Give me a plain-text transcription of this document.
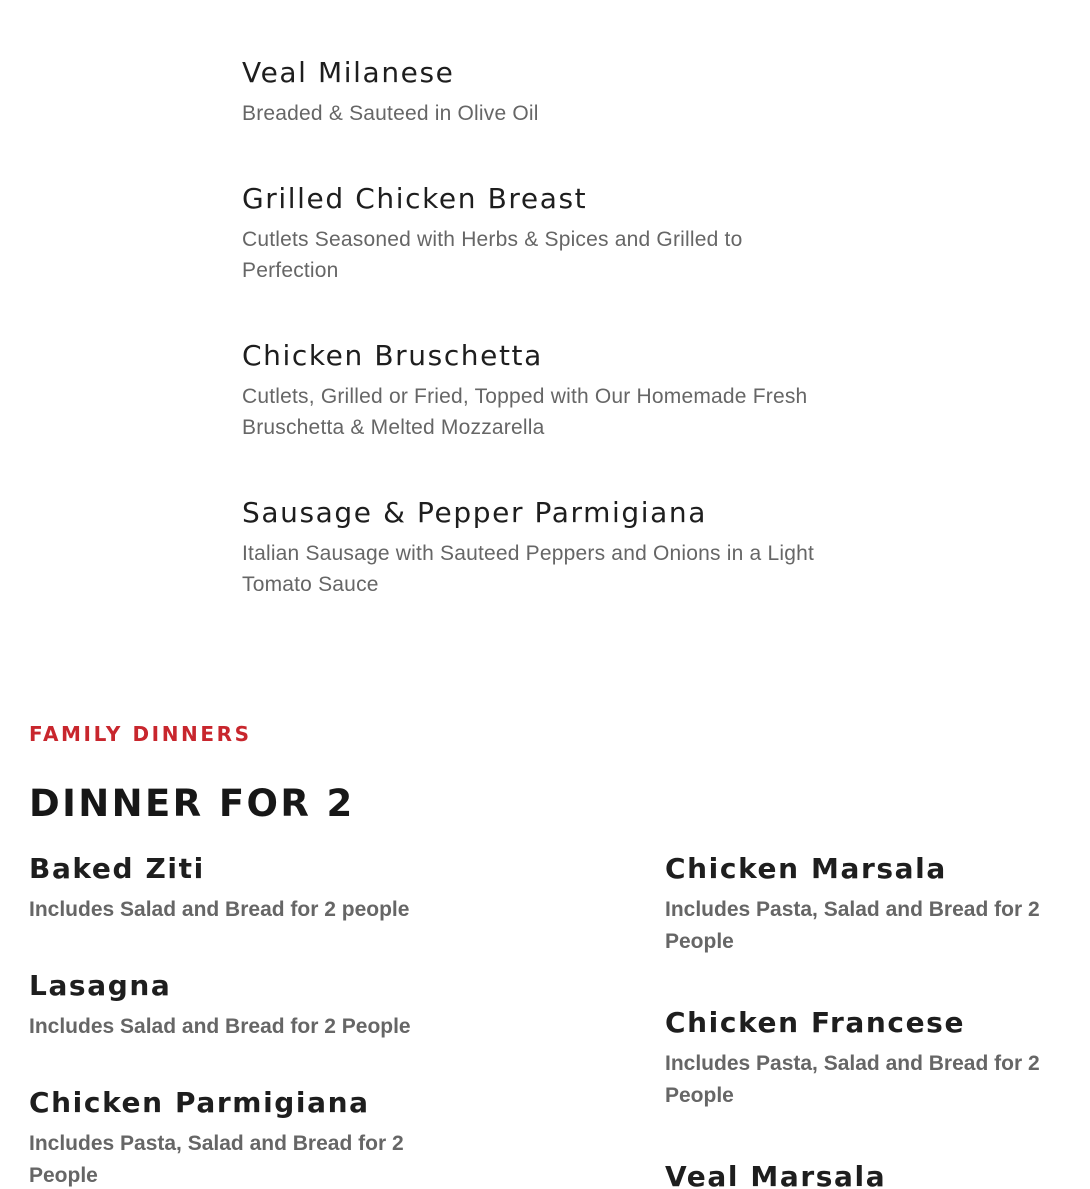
Veal Milanese

Breaded & Sauteed in Olive Oil

Grilled Chicken Breast

Cutlets Seasoned with Herbs & Spices and Grilled to Perfection

Chicken Bruschetta

Cutlets, Grilled or Fried, Topped with Our Homemade Fresh Bruschetta & Melted Mozzarella

Sausage & Pepper Parmigiana

Italian Sausage with Sauteed Peppers and Onions in a Light Tomato Sauce

FAMILY DINNERS
DINNER FOR 2
Baked Ziti

Includes Salad and Bread for 2 people

Lasagna

Includes Salad and Bread for 2 People

Chicken Parmigiana

Includes Pasta, Salad and Bread for 2 People

Chicken Marsala

Includes Pasta, Salad and Bread for 2 People

Chicken Francese

Includes Pasta, Salad and Bread for 2 People

Veal Marsala
